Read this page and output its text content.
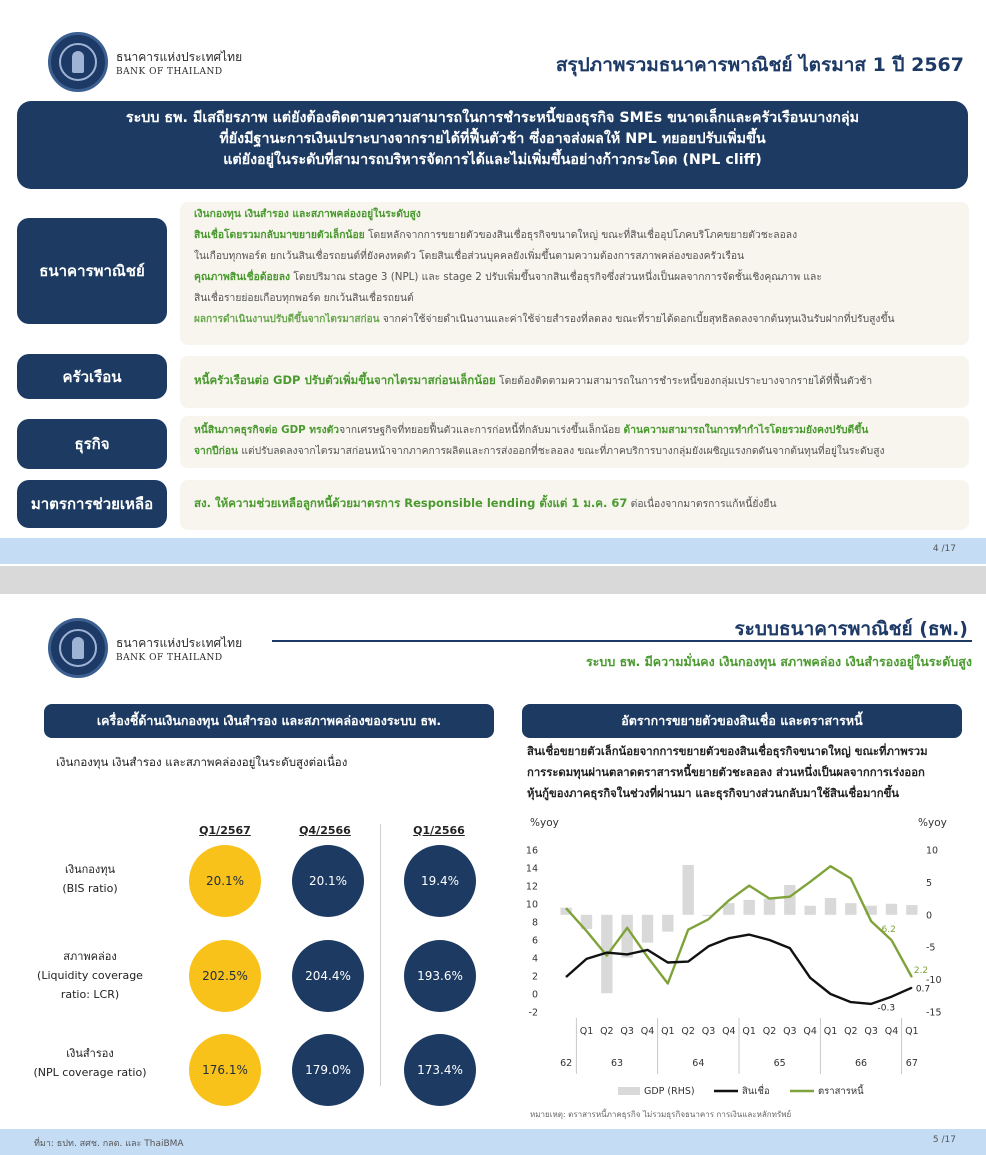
ธนาคารแห่งประเทศไทย
BANK OF THAILAND	สรุปภาพรวมธนาคารพาณิชย์ ไตรมาส 1 ปี 2567
ระบบ ธพ. มีเสถียรภาพ แต่ยังต้องติดตามความสามารถในการชำระหนี้ของธุรกิจ SMEs ขนาดเล็กและครัวเรือนบางกลุ่ม
ที่ยังมีฐานะการเงินเปราะบางจากรายได้ที่ฟื้นตัวช้า ซึ่งอาจส่งผลให้ NPL ทยอยปรับเพิ่มขึ้น
แต่ยังอยู่ในระดับที่สามารถบริหารจัดการได้และไม่เพิ่มขึ้นอย่างก้าวกระโดด (NPL cliff)
ธนาคารพาณิชย์
เงินกองทุน เงินสำรอง และสภาพคล่องอยู่ในระดับสูง
สินเชื่อโดยรวมกลับมาขยายตัวเล็กน้อย โดยหลักจากการขยายตัวของสินเชื่อธุรกิจขนาดใหญ่ ขณะที่สินเชื่ออุปโภคบริโภคขยายตัวชะลอลง
ในเกือบทุกพอร์ต ยกเว้นสินเชื่อรถยนต์ที่ยังคงหดตัว โดยสินเชื่อส่วนบุคคลยังเพิ่มขึ้นตามความต้องการสภาพคล่องของครัวเรือน
คุณภาพสินเชื่อด้อยลง โดยปริมาณ stage 3 (NPL) และ stage 2 ปรับเพิ่มขึ้นจากสินเชื่อธุรกิจซึ่งส่วนหนึ่งเป็นผลจากการจัดชั้นเชิงคุณภาพ และ
สินเชื่อรายย่อยเกือบทุกพอร์ต ยกเว้นสินเชื่อรถยนต์
ผลการดำเนินงานปรับดีขึ้นจากไตรมาสก่อน จากค่าใช้จ่ายดำเนินงานและค่าใช้จ่ายสำรองที่ลดลง ขณะที่รายได้ดอกเบี้ยสุทธิลดลงจากต้นทุนเงินรับฝากที่ปรับสูงขึ้น
ครัวเรือน	หนี้ครัวเรือนต่อ GDP ปรับตัวเพิ่มขึ้นจากไตรมาสก่อนเล็กน้อย โดยต้องติดตามความสามารถในการชำระหนี้ของกลุ่มเปราะบางจากรายได้ที่ฟื้นตัวช้า
ธุรกิจ
หนี้สินภาคธุรกิจต่อ GDP ทรงตัวจากเศรษฐกิจที่ทยอยฟื้นตัวและการก่อหนี้ที่กลับมาเร่งขึ้นเล็กน้อย ด้านความสามารถในการทำกำไรโดยรวมยังคงปรับดีขึ้น
จากปีก่อน แต่ปรับลดลงจากไตรมาสก่อนหน้าจากภาคการผลิตและการส่งออกที่ชะลอลง ขณะที่ภาคบริการบางกลุ่มยังเผชิญแรงกดดันจากต้นทุนที่อยู่ในระดับสูง
มาตรการช่วยเหลือ	สง. ให้ความช่วยเหลือลูกหนี้ด้วยมาตรการ Responsible lending ตั้งแต่ 1 ม.ค. 67 ต่อเนื่องจากมาตรการแก้หนี้ยั่งยืน
4 /17
ธนาคารแห่งประเทศไทย
BANK OF THAILAND
ระบบธนาคารพาณิชย์ (ธพ.)
ระบบ ธพ. มีความมั่นคง เงินกองทุน สภาพคล่อง เงินสำรองอยู่ในระดับสูง
เครื่องชี้ด้านเงินกองทุน เงินสำรอง และสภาพคล่องของระบบ ธพ.	อัตราการขยายตัวของสินเชื่อ และตราสารหนี้
เงินกองทุน เงินสำรอง และสภาพคล่องอยู่ในระดับสูงต่อเนื่อง
Q1/2567	Q4/2566	Q1/2566
เงินกองทุน
(BIS ratio)
20.1%	20.1%	19.4%
สภาพคล่อง
(Liquidity coverage
ratio: LCR)
202.5%	204.4%	193.6%
เงินสำรอง
(NPL coverage ratio)	176.1%	179.0%	173.4%
สินเชื่อขยายตัวเล็กน้อยจากการขยายตัวของสินเชื่อธุรกิจขนาดใหญ่ ขณะที่ภาพรวม
การระดมทุนผ่านตลาดตราสารหนี้ขยายตัวชะลอลง ส่วนหนึ่งเป็นผลจากการเร่งออก
หุ้นกู้ของภาคธุรกิจในช่วงที่ผ่านมา และธุรกิจบางส่วนกลับมาใช้สินเชื่อมากขึ้น
%yoy	%yoy
16
14
12
10
8
6
4
2
0
-2
10
5
0
-5
-10
-15
-0.3
0.7
6.2
2.2
Q1 Q2 Q3 Q4 Q1 Q2 Q3 Q4 Q1 Q2 Q3 Q4 Q1 Q2 Q3 Q4 Q1
62	63	64	65	66	67
GDP (RHS)	สินเชื่อ	ตราสารหนี้
หมายเหตุ: ตราสารหนี้ภาคธุรกิจ ไม่รวมธุรกิจธนาคาร การเงินและหลักทรัพย์
ที่มา: ธปท. สศช. กลต. และ ThaiBMA	5 /17
